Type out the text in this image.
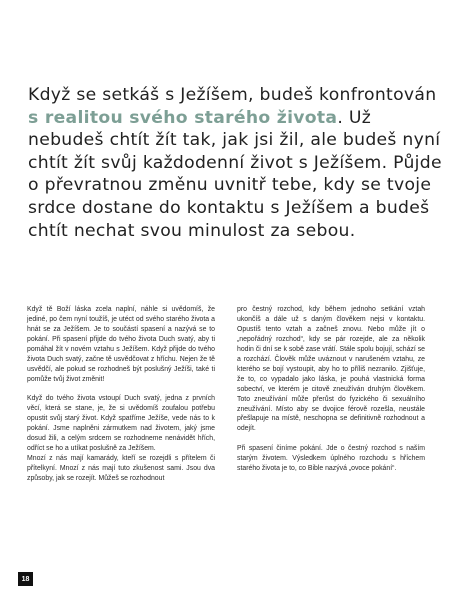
Když se setkáš s Ježíšem, budeš konfrontován s realitou svého starého života. Už nebudeš chtít žít tak, jak jsi žil, ale budeš nyní chtít žít svůj každodenní život s Ježíšem. Půjde o převratnou změnu uvnitř tebe, kdy se tvoje srdce dostane do kontaktu s Ježíšem a budeš chtít nechat svou minulost za sebou.

Když tě Boží láska zcela naplní, náhle si uvědomíš, že jediné, po čem nyní toužíš, je utéct od svého starého života a hnát se za Ježíšem. Je to součástí spasení a nazývá se to pokání. Při spasení přijde do tvého života Duch svatý, aby ti pomáhal žít v novém vztahu s Ježíšem. Když přijde do tvého života Duch svatý, začne tě usvědčovat z hříchu. Nejen že tě usvědčí, ale pokud se rozhodneš být poslušný Ježíši, také ti pomůže tvůj život změnit!

Když do tvého života vstoupí Duch svatý, jedna z prvních věcí, která se stane, je, že si uvědomíš zoufalou potřebu opustit svůj starý život. Když spatříme Ježíše, vede nás to k pokání. Jsme naplněni zármutkem nad životem, jaký jsme dosud žili, a celým srdcem se rozhodneme nenávidět hřích, odříct se ho a utíkat poslušně za Ježíšem.
Mnozí z nás mají kamarády, kteří se rozejdli s přítelem či přítelkyní. Mnozí z nás mají tuto zkušenost sami. Jsou dva způsoby, jak se rozejít. Můžeš se rozhodnout

pro čestný rozchod, kdy během jednoho setkání vztah ukončíš a dále už s daným člověkem nejsi v kontaktu. Opustíš tento vztah a začneš znovu. Nebo může jít o „nepořádný rozchod“, kdy se pár rozejde, ale za několik hodin či dní se k sobě zase vrátí. Stále spolu bojují, schází se a rozchází. Člověk může uváznout v narušeném vztahu, ze kterého se bojí vystoupit, aby ho to příliš nezranilo. Zjišťuje, že to, co vypadalo jako láska, je pouhá vlastnická forma sobectví, ve kterém je citově zneužíván druhým člověkem. Toto zneužívání může přerůst do fyzického či sexuálního zneužívání. Místo aby se dvojice férově rozešla, neustále přešlapuje na místě, neschopna se definitivně rozhodnout a odejít.

Při spasení činíme pokání. Jde o čestný rozchod s naším starým životem. Výsledkem úplného rozchodu s hříchem starého života je to, co Bible nazývá „ovoce pokání“.

18
